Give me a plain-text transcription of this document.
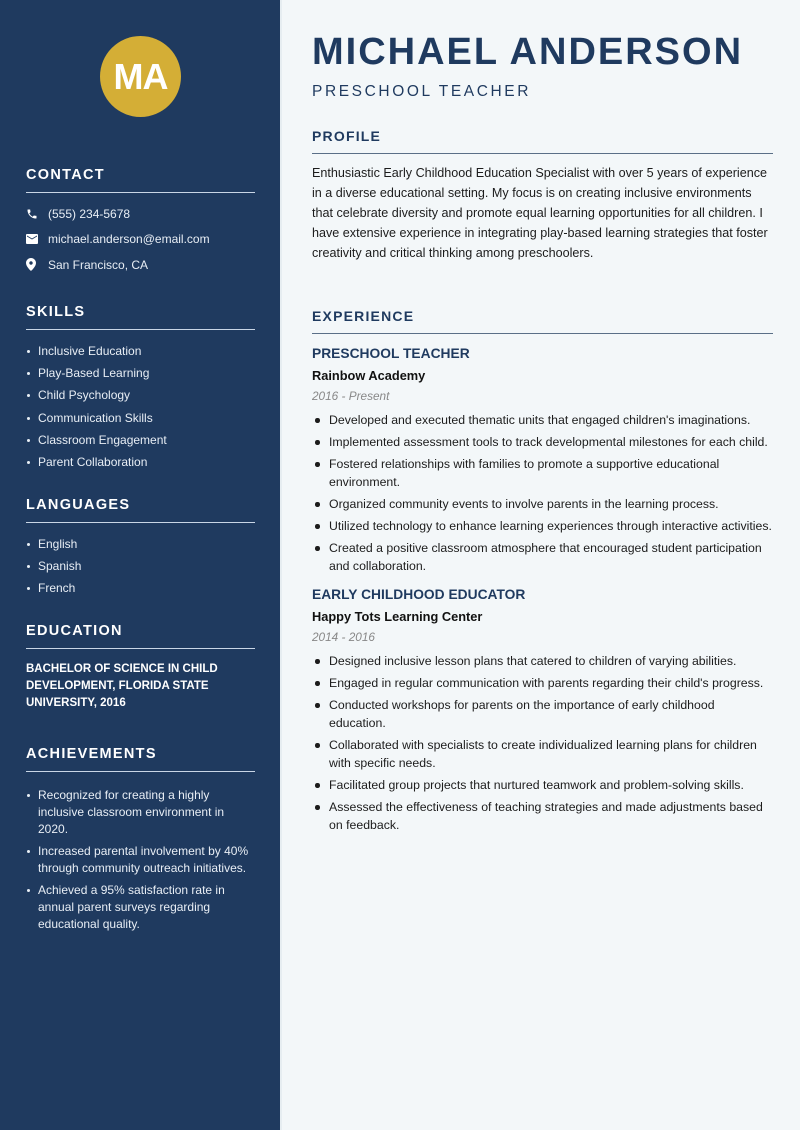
MA
CONTACT
(555) 234-5678
michael.anderson@email.com
San Francisco, CA
SKILLS
Inclusive Education
Play-Based Learning
Child Psychology
Communication Skills
Classroom Engagement
Parent Collaboration
LANGUAGES
English
Spanish
French
EDUCATION
BACHELOR OF SCIENCE IN CHILD DEVELOPMENT, FLORIDA STATE UNIVERSITY, 2016
ACHIEVEMENTS
Recognized for creating a highly inclusive classroom environment in 2020.
Increased parental involvement by 40% through community outreach initiatives.
Achieved a 95% satisfaction rate in annual parent surveys regarding educational quality.
MICHAEL ANDERSON
PRESCHOOL TEACHER
PROFILE
Enthusiastic Early Childhood Education Specialist with over 5 years of experience in a diverse educational setting. My focus is on creating inclusive environments that celebrate diversity and promote equal learning opportunities for all children. I have extensive experience in integrating play-based learning strategies that foster creativity and critical thinking among preschoolers.
EXPERIENCE
PRESCHOOL TEACHER
Rainbow Academy
2016 - Present
Developed and executed thematic units that engaged children's imaginations.
Implemented assessment tools to track developmental milestones for each child.
Fostered relationships with families to promote a supportive educational environment.
Organized community events to involve parents in the learning process.
Utilized technology to enhance learning experiences through interactive activities.
Created a positive classroom atmosphere that encouraged student participation and collaboration.
EARLY CHILDHOOD EDUCATOR
Happy Tots Learning Center
2014 - 2016
Designed inclusive lesson plans that catered to children of varying abilities.
Engaged in regular communication with parents regarding their child's progress.
Conducted workshops for parents on the importance of early childhood education.
Collaborated with specialists to create individualized learning plans for children with specific needs.
Facilitated group projects that nurtured teamwork and problem-solving skills.
Assessed the effectiveness of teaching strategies and made adjustments based on feedback.
